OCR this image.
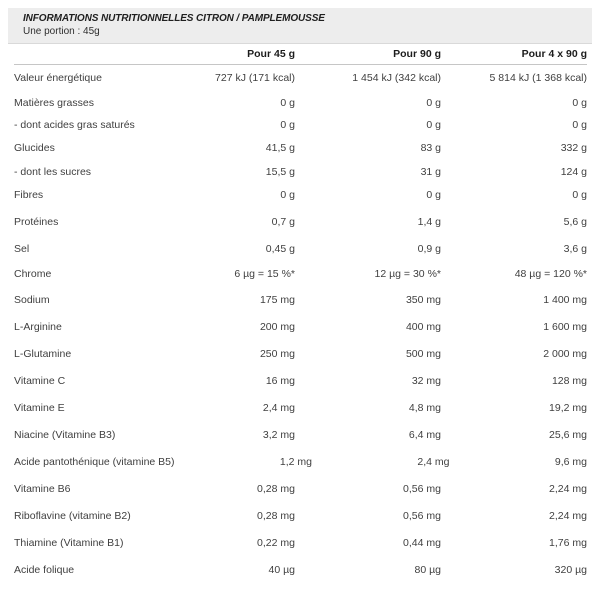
INFORMATIONS NUTRITIONNELLES CITRON / PAMPLEMOUSSE
Une portion : 45g
Pour 45 g	Pour 90 g	Pour 4 x 90 g
Valeur énergétique	727 kJ (171 kcal)	1 454 kJ (342 kcal)	5 814 kJ (1 368 kcal)
Matières grasses	0 g	0 g	0 g
- dont acides gras saturés	0 g	0 g	0 g
Glucides	41,5 g	83 g	332 g
- dont les sucres	15,5 g	31 g	124 g
Fibres	0 g	0 g	0 g
Protéines	0,7 g	1,4 g	5,6 g
Sel	0,45 g	0,9 g	3,6 g
Chrome	6 µg = 15 %*	12 µg = 30 %*	48 µg = 120 %*
Sodium	175 mg	350 mg	1 400 mg
L-Arginine	200 mg	400 mg	1 600 mg
L-Glutamine	250 mg	500 mg	2 000 mg
Vitamine C	16 mg	32 mg	128 mg
Vitamine E	2,4 mg	4,8 mg	19,2 mg
Niacine (Vitamine B3)	3,2 mg	6,4 mg	25,6 mg
Acide pantothénique (vitamine B5)	1,2 mg	2,4 mg	9,6 mg
Vitamine B6	0,28 mg	0,56 mg	2,24 mg
Riboflavine (vitamine B2)	0,28 mg	0,56 mg	2,24 mg
Thiamine (Vitamine B1)	0,22 mg	0,44 mg	1,76 mg
Acide folique	40 µg	80 µg	320 µg
